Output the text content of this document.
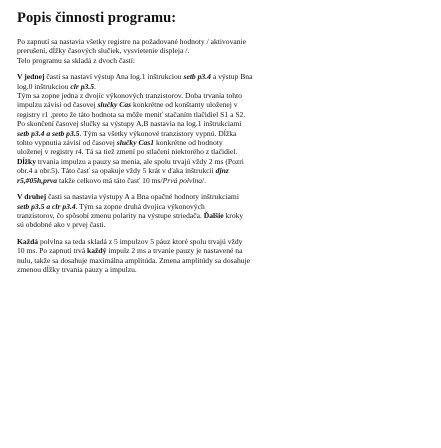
Popis činnosti programu:
Po zapnutí sa nastavia všetky registre na požadované hodnoty / aktivovanie
prerušení, dĺžky časových slučiek, vysvietenie displeja /.
Telo programu sa skladá z dvoch častí:
V jednej časti sa nastaví výstup Ana log.1 inštrukciou setb p3.4 a výstup Bna
log.0 inštrukciou clr p3.5.
Tým sa zopne jedna z dvojíc výkonových tranzistorov. Doba trvania tohto
impulzu závisí od časovej slučky Cas konkrétne od konštanty uloženej v
registry r1 ,preto že táto hodnota sa môže meniť stačaním tlačidiel S1 a S2.
Po skončení časovej slučky sa výstupy A,B nastavia na log.1 inštrukciami
setb p3.4 a setb p3.5. Tým sa všetky výkonové tranzistory vypnú. Dĺžka
tohto vypnutia závisí od časovej slučky Cas1 konkrétne od hodnoty
uloženej v registry r4. Tá sa tiež zmení po stlačení niektorého z tlačidiel.
Dĺžky trvania impulzu a pauzy sa menia, ale spolu trvajú vždy 2 ms (Pozri
obr.4 a obr.5). Táto časť sa opakuje vždy 5 krát v ďaka inštrukcii djnz
r5,#05h,prva takže celkovo má táto časť 10 ms/Prvá polvlna/.
V druhej časti sa nastavia výstupy A a Bna opačné hodnoty inštrukciami
setb p3.5 a clr p3.4. Tým sa zopne druhá dvojica výkonových
tranzistorov, čo spôsobí zmenu polarity na výstupe striedača. Ďalšie kroky
sú obdobné ako v prvej časti.
Každá polvlna sa teda skladá z 5 impulzov 5 páuz ktoré spolu trvajú vždy
10 ms. Po zapnutí trvá každý impulz 2 ms a trvanie pauzy je nastavené na
nulu, takže sa dosahuje maximálna amplitúda. Zmena amplitúdy sa dosahuje
zmenou dĺžky trvania pauzy a impulzu.
